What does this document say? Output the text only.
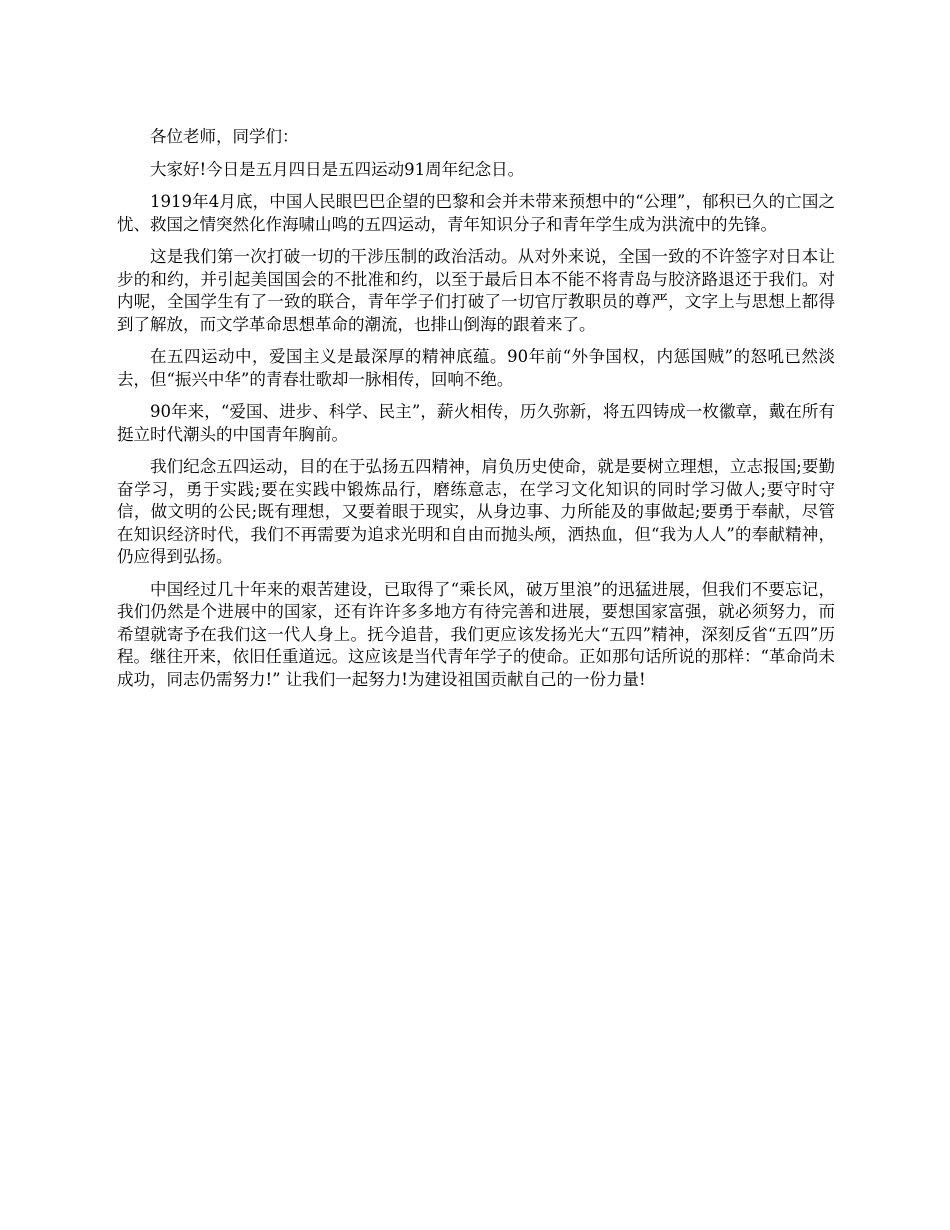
各位老师，同学们：

大家好!今日是五月四日是五四运动91周年纪念日。

1919年4月底，中国人民眼巴巴企望的巴黎和会并未带来预想中的“公理”，郁积已久的亡国之忧、救国之情突然化作海啸山鸣的五四运动，青年知识分子和青年学生成为洪流中的先锋。

这是我们第一次打破一切的干涉压制的政治活动。从对外来说，全国一致的不许签字对日本让步的和约，并引起美国国会的不批准和约，以至于最后日本不能不将青岛与胶济路退还于我们。对内呢，全国学生有了一致的联合，青年学子们打破了一切官厅教职员的尊严，文字上与思想上都得到了解放，而文学革命思想革命的潮流，也排山倒海的跟着来了。

在五四运动中，爱国主义是最深厚的精神底蕴。90年前“外争国权，内惩国贼”的怒吼已然淡去，但“振兴中华”的青春壮歌却一脉相传，回响不绝。

90年来，“爱国、进步、科学、民主”，薪火相传，历久弥新，将五四铸成一枚徽章，戴在所有挺立时代潮头的中国青年胸前。

我们纪念五四运动，目的在于弘扬五四精神，肩负历史使命，就是要树立理想，立志报国;要勤奋学习，勇于实践;要在实践中锻炼品行，磨练意志，在学习文化知识的同时学习做人;要守时守信，做文明的公民;既有理想，又要着眼于现实，从身边事、力所能及的事做起;要勇于奉献，尽管在知识经济时代，我们不再需要为追求光明和自由而抛头颅，洒热血，但“我为人人”的奉献精神，仍应得到弘扬。

中国经过几十年来的艰苦建设，已取得了“乘长风，破万里浪”的迅猛进展，但我们不要忘记，我们仍然是个进展中的国家，还有许许多多地方有待完善和进展，要想国家富强，就必须努力，而希望就寄予在我们这一代人身上。抚今追昔，我们更应该发扬光大“五四”精神，深刻反省“五四”历程。继往开来，依旧任重道远。这应该是当代青年学子的使命。正如那句话所说的那样：“革命尚未成功，同志仍需努力!” 让我们一起努力!为建设祖国贡献自己的一份力量!
